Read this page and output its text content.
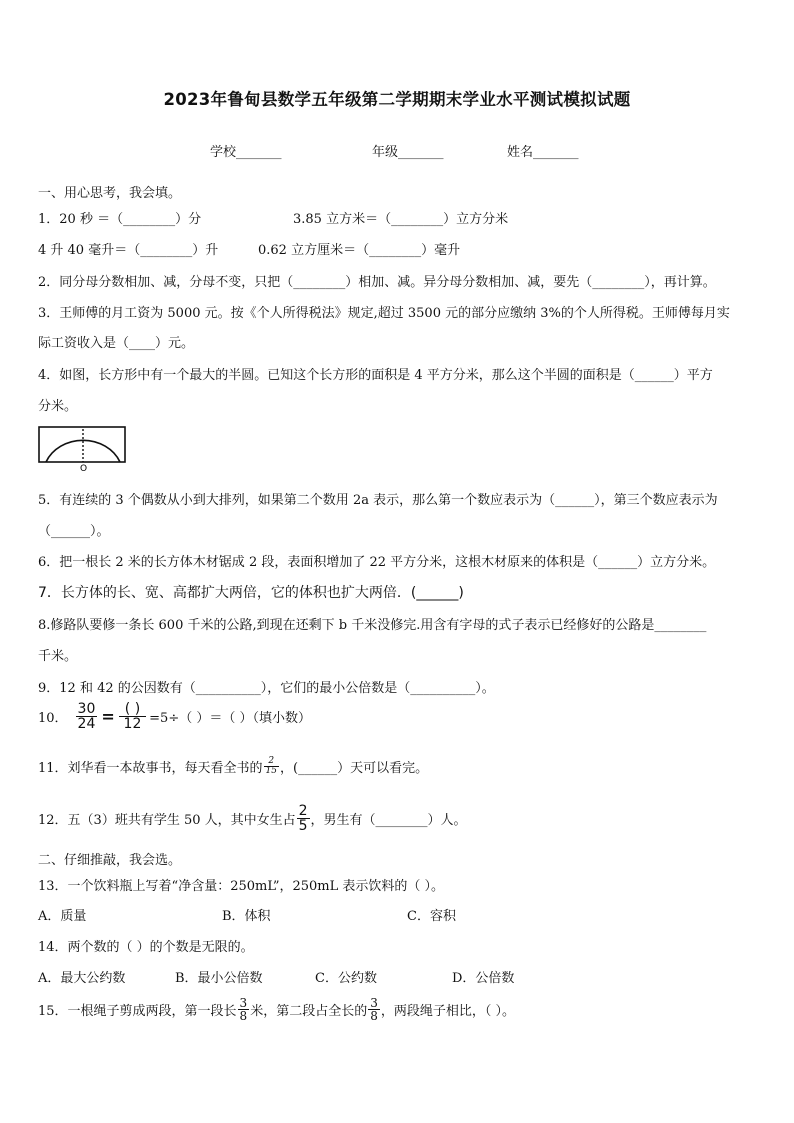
2023年鲁甸县数学五年级第二学期期末学业水平测试模拟试题
学校_______	年级_______	姓名_______
一、用心思考，我会填。
1．20 秒 ＝（________）分	3.85 立方米＝（________）立方分米
4 升 40 毫升＝（________）升	0.62 立方厘米＝（________）毫升
2．同分母分数相加、减，分母不变，只把（________）相加、减。异分母分数相加、减，要先（________），再计算。
3．王师傅的月工资为 5000 元。按《个人所得税法》规定,超过 3500 元的部分应缴纳 3%的个人所得税。王师傅每月实
际工资收入是（____）元。
4．如图，长方形中有一个最大的半圆。已知这个长方形的面积是 4 平方分米，那么这个半圆的面积是（______）平方
分米。
O
5．有连续的 3 个偶数从小到大排列，如果第二个数用 2a 表示，那么第一个数应表示为（______），第三个数应表示为
（______）。
6．把一根长 2 米的长方体木材锯成 2 段，表面积增加了 22 平方分米，这根木材原来的体积是（______）立方分米。
7．长方体的长、宽、高都扩大两倍，它的体积也扩大两倍．(______)
8.修路队要修一条长 600 千米的公路,到现在还剩下 b 千米没修完.用含有字母的式子表示已经修好的公路是________
千米。
9．12 和 42 的公因数有（__________），它们的最小公倍数是（__________）。
10． $\frac{30}{24} = \frac{( )}{12} =5\div$（ ）＝（ ）（填小数）
11．刘华看一本故事书，每天看全书的 $\frac{2}{15}$ ，(______）天可以看完。
12．五（3）班共有学生 50 人，其中女生占 $\frac{2}{5}$ ，男生有（________）人。
二、仔细推敲，我会选。
13．一个饮料瓶上写着“净含量：250mL”，250mL 表示饮料的（ ）。
A．质量	B．体积	C．容积
14．两个数的（ ）的个数是无限的。
A．最大公约数	B．最小公倍数	C．公约数	D．公倍数
15．一根绳子剪成两段，第一段长 $\frac{3}{8}$ 米，第二段占全长的 $\frac{3}{8}$ ，两段绳子相比，（ ）。
